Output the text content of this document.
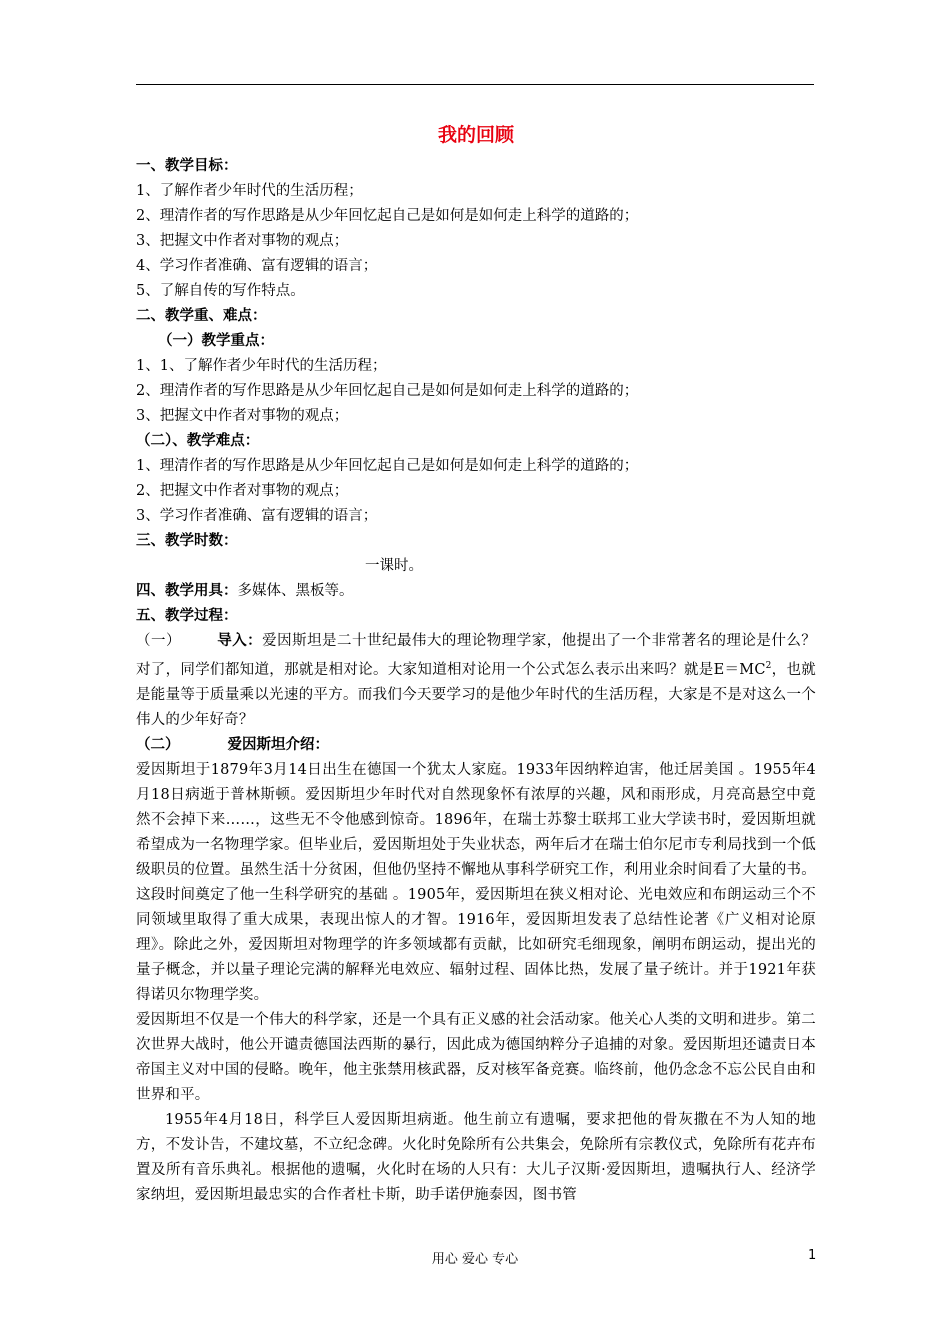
我的回顾
一、教学目标：
1、了解作者少年时代的生活历程；
2、理清作者的写作思路是从少年回忆起自己是如何是如何走上科学的道路的；
3、把握文中作者对事物的观点；
4、学习作者准确、富有逻辑的语言；
5、了解自传的写作特点。
二、教学重、难点：
（一）教学重点：
1、1、了解作者少年时代的生活历程；
2、理清作者的写作思路是从少年回忆起自己是如何是如何走上科学的道路的；
3、把握文中作者对事物的观点；
（二）、教学难点：
1、理清作者的写作思路是从少年回忆起自己是如何是如何走上科学的道路的；
2、把握文中作者对事物的观点；
3、学习作者准确、富有逻辑的语言；
三、教学时数：
一课时。
四、教学用具：多媒体、黑板等。
五、教学过程：
（一） 导入：爱因斯坦是二十世纪最伟大的理论物理学家，他提出了一个非常著名的理论是什么？对了，同学们都知道，那就是相对论。大家知道相对论用一个公式怎么表示出来吗？就是$E=MC^2$，也就是能量等于质量乘以光速的平方。而我们今天要学习的是他少年时代的生活历程，大家是不是对这么一个伟人的少年好奇？
（二）	爱因斯坦介绍：
爱因斯坦于1879年3月14日出生在德国一个犹太人家庭。1933年因纳粹迫害，他迁居美国 。1955年4月18日病逝于普林斯顿。爱因斯坦少年时代对自然现象怀有浓厚的兴趣，风和雨形成，月亮高悬空中竟然不会掉下来……，这些无不令他感到惊奇。1896年，在瑞士苏黎士联邦工业大学读书时，爱因斯坦就希望成为一名物理学家。但毕业后，爱因斯坦处于失业状态，两年后才在瑞士伯尔尼市专利局找到一个低级职员的位置。虽然生活十分贫困，但他仍坚持不懈地从事科学研究工作，利用业余时间看了大量的书。这段时间奠定了他一生科学研究的基础 。1905年，爱因斯坦在狭义相对论、光电效应和布朗运动三个不同领域里取得了重大成果，表现出惊人的才智。1916年，爱因斯坦发表了总结性论著《广义相对论原理》。除此之外，爱因斯坦对物理学的许多领域都有贡献，比如研究毛细现象，阐明布朗运动，提出光的量子概念，并以量子理论完满的解释光电效应、辐射过程、固体比热，发展了量子统计。并于1921年获得诺贝尔物理学奖。
爱因斯坦不仅是一个伟大的科学家，还是一个具有正义感的社会活动家。他关心人类的文明和进步。第二次世界大战时，他公开谴责德国法西斯的暴行，因此成为德国纳粹分子追捕的对象。爱因斯坦还谴责日本帝国主义对中国的侵略。晚年，他主张禁用核武器，反对核军备竞赛。临终前，他仍念念不忘公民自由和世界和平。
1955年4月18日，科学巨人爱因斯坦病逝。他生前立有遗嘱，要求把他的骨灰撒在不为人知的地方，不发讣告，不建坟墓，不立纪念碑。火化时免除所有公共集会，免除所有宗教仪式，免除所有花卉布置及所有音乐典礼。根据他的遗嘱，火化时在场的人只有：大儿子汉斯·爱因斯坦，遗嘱执行人、经济学家纳坦，爱因斯坦最忠实的合作者杜卡斯，助手诺伊施泰因，图书管
用心 爱心 专心	1
